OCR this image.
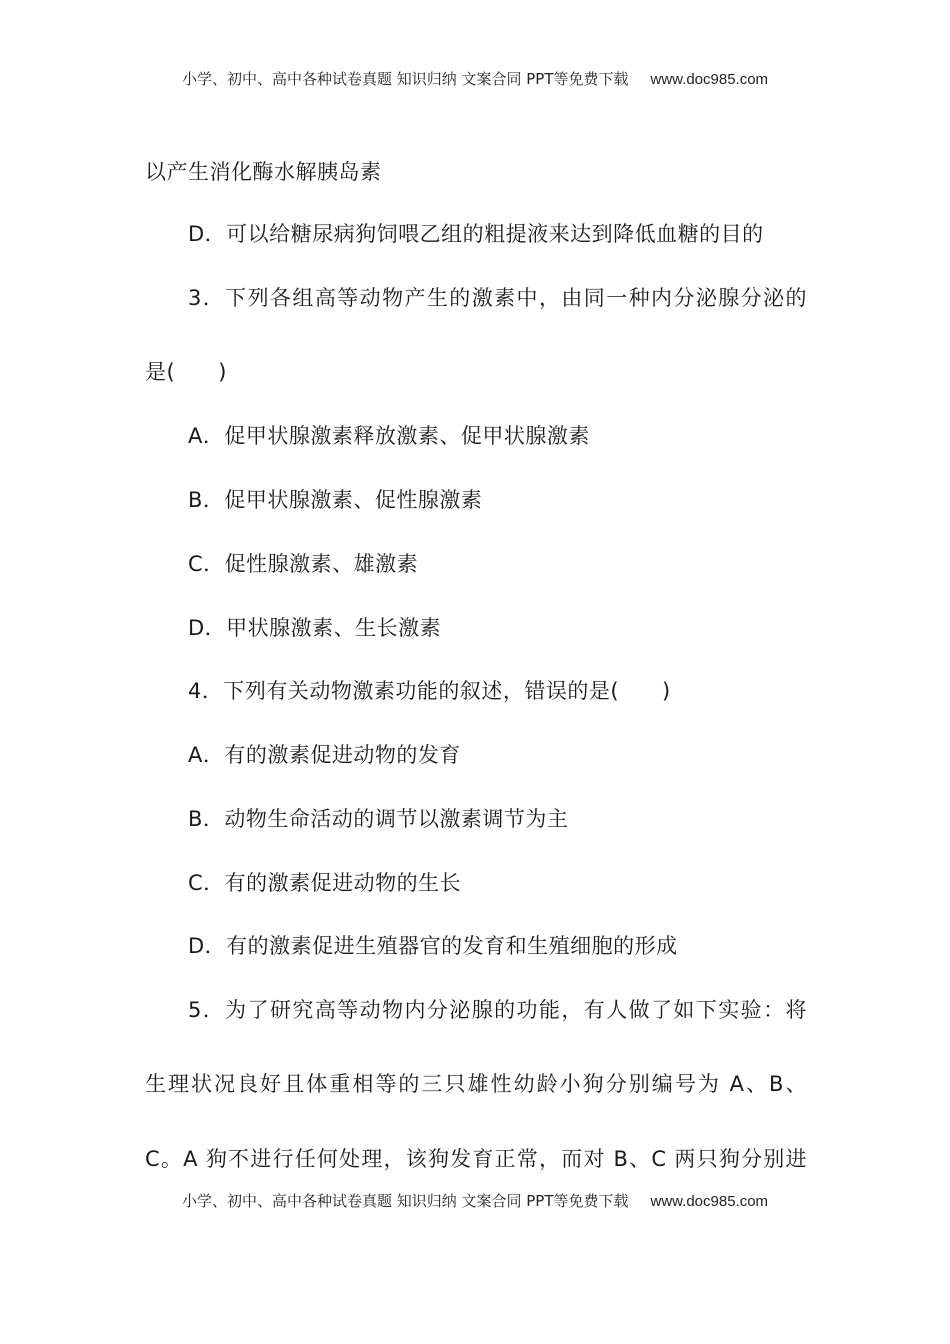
小学、初中、高中各种试卷真题 知识归纳 文案合同 PPT等免费下载 www.doc985.com
以产生消化酶水解胰岛素
D．可以给糖尿病狗饲喂乙组的粗提液来达到降低血糖的目的
3．下列各组高等动物产生的激素中，由同一种内分泌腺分泌的
是(　　)
A．促甲状腺激素释放激素、促甲状腺激素
B．促甲状腺激素、促性腺激素
C．促性腺激素、雄激素
D．甲状腺激素、生长激素
4．下列有关动物激素功能的叙述，错误的是(　　)
A．有的激素促进动物的发育
B．动物生命活动的调节以激素调节为主
C．有的激素促进动物的生长
D．有的激素促进生殖器官的发育和生殖细胞的形成
5．为了研究高等动物内分泌腺的功能，有人做了如下实验：将
生理状况良好且体重相等的三只雄性幼龄小狗分别编号为 A、B、
C。A 狗不进行任何处理，该狗发育正常，而对 B、C 两只狗分别进
小学、初中、高中各种试卷真题 知识归纳 文案合同 PPT等免费下载 www.doc985.com
